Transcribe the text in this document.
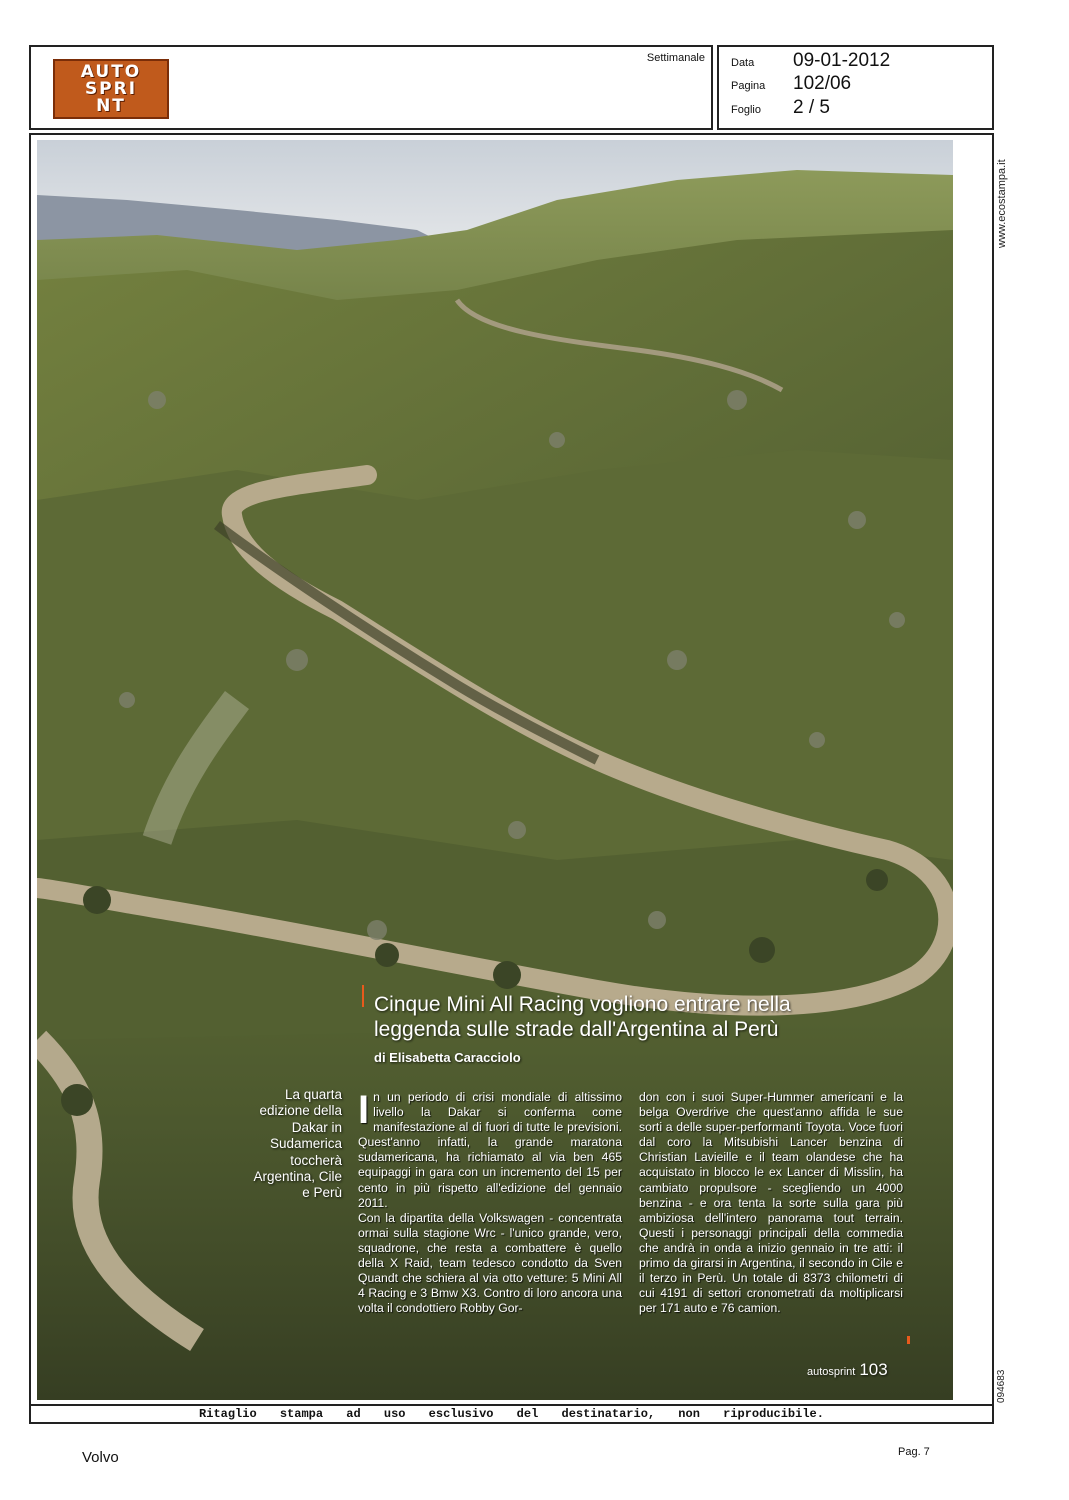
AUTO
SPRI
NT
Settimanale Data	09-01-2012
Pagina	102/06
Foglio	2 / 5
Cinque Mini All Racing vogliono entrare nella
leggenda sulle strade dall'Argentina al Perù
di Elisabetta Caracciolo
La quarta
edizione della
Dakar in
Sudamerica
toccherà
Argentina, Cile
e Perù

In un periodo di crisi mondiale di altissimo livello la Dakar si conferma come manifestazione al di fuori di tutte le previsioni. Quest'anno infatti, la grande maratona sudamericana, ha richiamato al via ben 465 equipaggi in gara con un incremento del 15 per cento in più rispetto all'edizione del gennaio 2011.

Con la dipartita della Volkswagen - concentrata ormai sulla stagione Wrc - l'unico grande, vero, squadrone, che resta a combattere è quello della X Raid, team tedesco condotto da Sven Quandt che schiera al via otto vetture: 5 Mini All 4 Racing e 3 Bmw X3. Contro di loro ancora una volta il condottiero Robby Gor-

don con i suoi Super-Hummer americani e la belga Overdrive che quest'anno affida le sue sorti a delle super-performanti Toyota. Voce fuori dal coro la Mitsubishi Lancer benzina di Christian Lavieille e il team olandese che ha acquistato in blocco le ex Lancer di Misslin, ha cambiato propulsore - scegliendo un 4000 benzina - e ora tenta la sorte sulla gara più ambiziosa dell'intero panorama tout terrain. Questi i personaggi principali della commedia che andrà in onda a inizio gennaio in tre atti: il primo da girarsi in Argentina, il secondo in Cile e il terzo in Perù. Un totale di 8373 chilometri di cui 4191 di settori cronometrati da moltiplicarsi per 171 auto e 76 camion.

autosprint 103
www.ecostampa.it
094683
Ritaglio stampa ad uso esclusivo del destinatario, non riproducibile.
Volvo	Pag. 7
